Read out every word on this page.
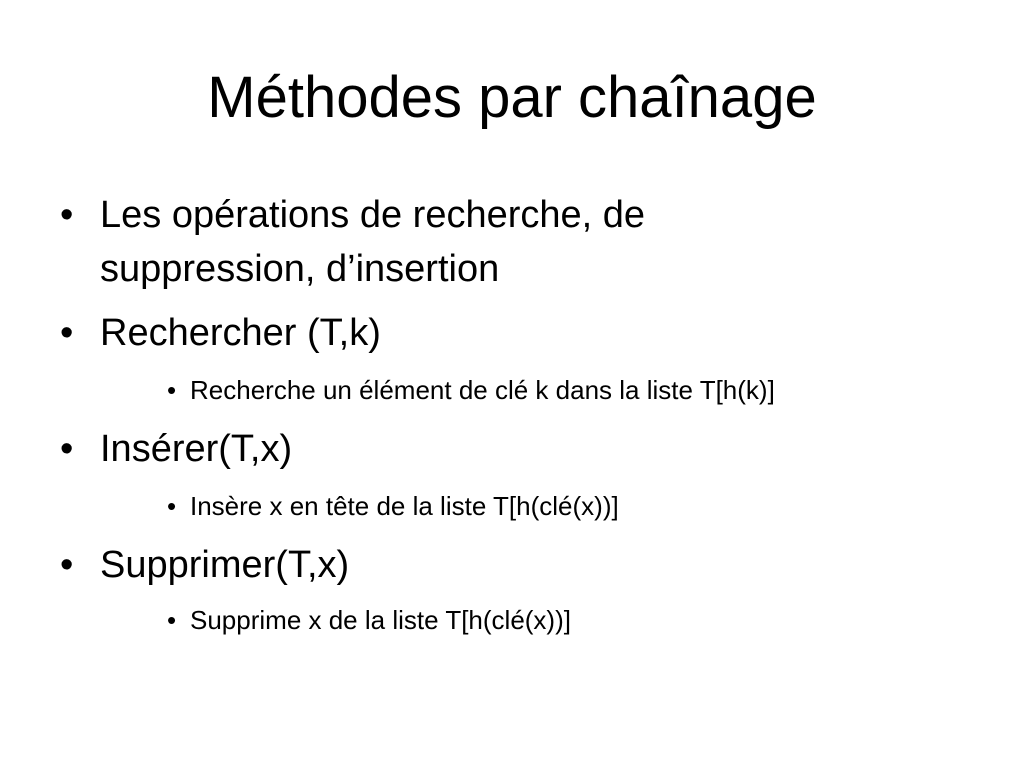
Méthodes par chaînage
• Les opérations de recherche, de suppression, d’insertion
• Rechercher (T,k)
• Recherche un élément de clé k dans la liste T[h(k)]
• Insérer(T,x)
• Insère x en tête de la liste T[h(clé(x))]
• Supprimer(T,x)
• Supprime x de la liste T[h(clé(x))]
